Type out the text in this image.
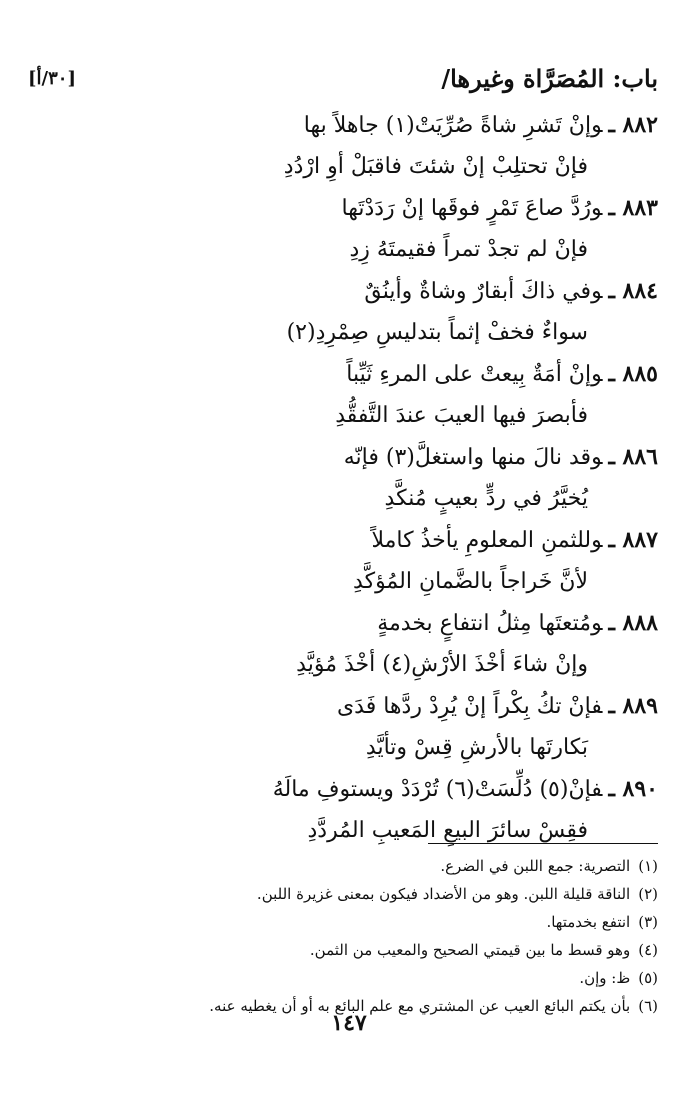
[٣٠/أ]	باب: المُصَرَّاة وغيرها/
٨٨٢ ـوإنْ تَشرِ شاةً صُرِّيَتْ(١) جاهلاً بها
فإنْ تحتلِبْ إنْ شئتَ فاقبَلْ أوِ ارْدُدِ
٨٨٣ ـورُدَّ صاعَ تَمْرٍ فوقَها إنْ رَدَدْتَها
فإنْ لم تجدْ تمراً فقيمتَهُ زِدِ
٨٨٤ ـوفي ذاكَ أبقارٌ وشاةٌ وأينُقٌ
سواءٌ فخفْ إثماً بتدليسِ صِمْرِدِ(٢)
٨٨٥ ـوإنْ أمَةٌ بِيعتْ على المرءِ ثَيِّباً
فأبصرَ فيها العيبَ عندَ التَّفقُّدِ
٨٨٦ ـوقد نالَ منها واستغلَّ(٣) فإنّه
يُخيَّرُ في ردٍّ بعيبٍ مُنكَّدِ
٨٨٧ ـوللثمنِ المعلومِ يأخذُ كاملاً
لأنَّ خَراجاً بالضَّمانِ المُؤكَّدِ
٨٨٨ ـومُتعتَها مِثلُ انتفاعٍ بخدمةٍ
وإنْ شاءَ أخْذَ الأرْشِ(٤) أخْذَ مُؤيَّدِ
٨٨٩ ـفإنْ تكُ بِكْراً إنْ يُرِدْ ردَّها فَدَى
بَكارتَها بالأرشِ قِسْ وتأيَّدِ
٨٩٠ ـفإنْ(٥) دُلِّسَتْ(٦) تُرْدَدْ ويستوفِ مالَهُ
فقِسْ سائرَ البيعِ المَعيبِ المُردَّدِ
(١)التصرية: جمع اللبن في الضرع.
(٢)الناقة قليلة اللبن. وهو من الأضداد فيكون بمعنى غزيرة اللبن.
(٣)انتفع بخدمتها.
(٤)وهو قسط ما بين قيمتي الصحيح والمعيب من الثمن.
(٥)ظ: وإن.
(٦)بأن يكتم البائع العيب عن المشتري مع علم البائع به أو أن يغطيه عنه.
١٤٧
